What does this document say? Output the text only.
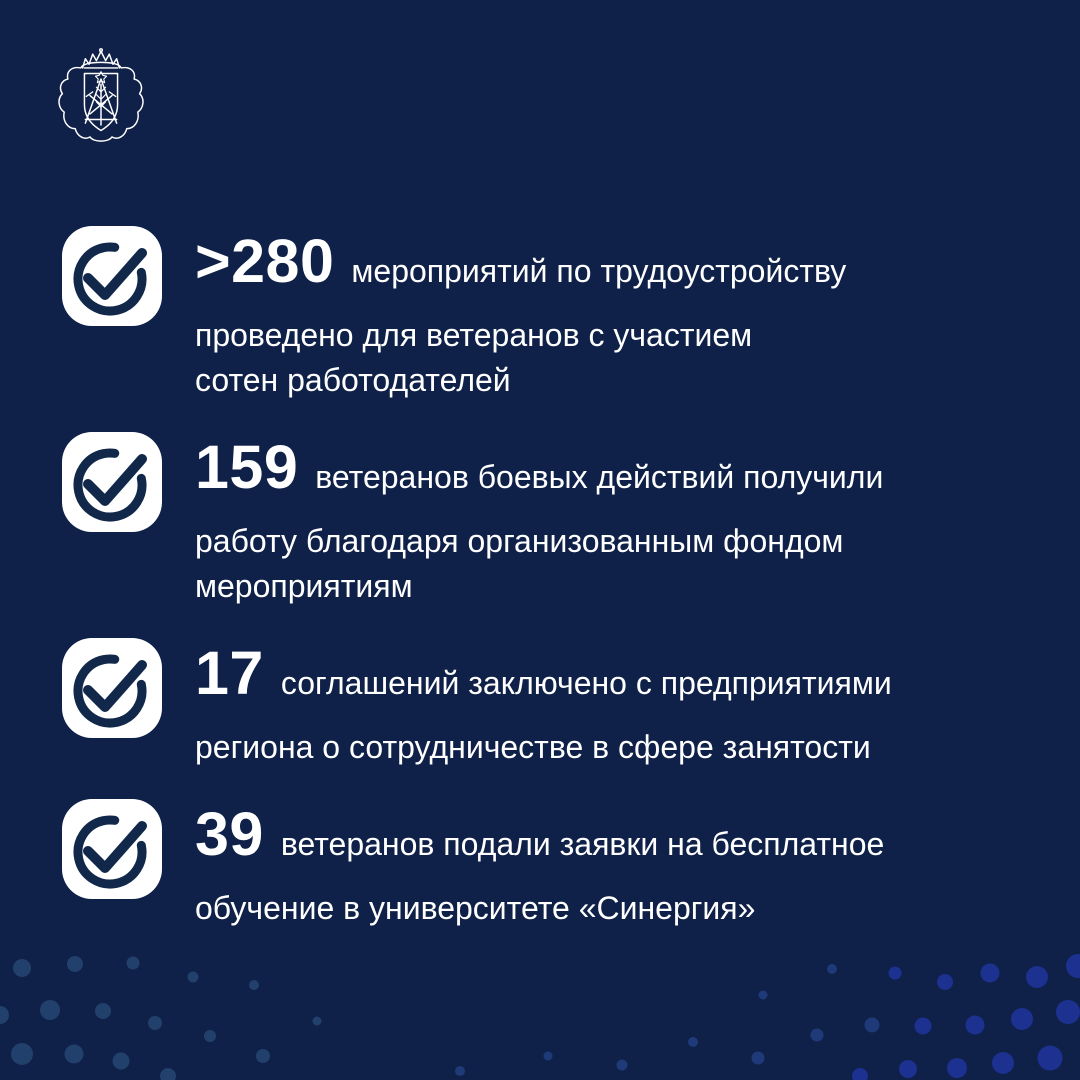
>280 мероприятий по трудоустройству
проведено для ветеранов с участием
сотен работодателей
159 ветеранов боевых действий получили
работу благодаря организованным фондом
мероприятиям
17 соглашений заключено с предприятиями
региона о сотрудничестве в сфере занятости
39 ветеранов подали заявки на бесплатное
обучение в университете «Синергия»
